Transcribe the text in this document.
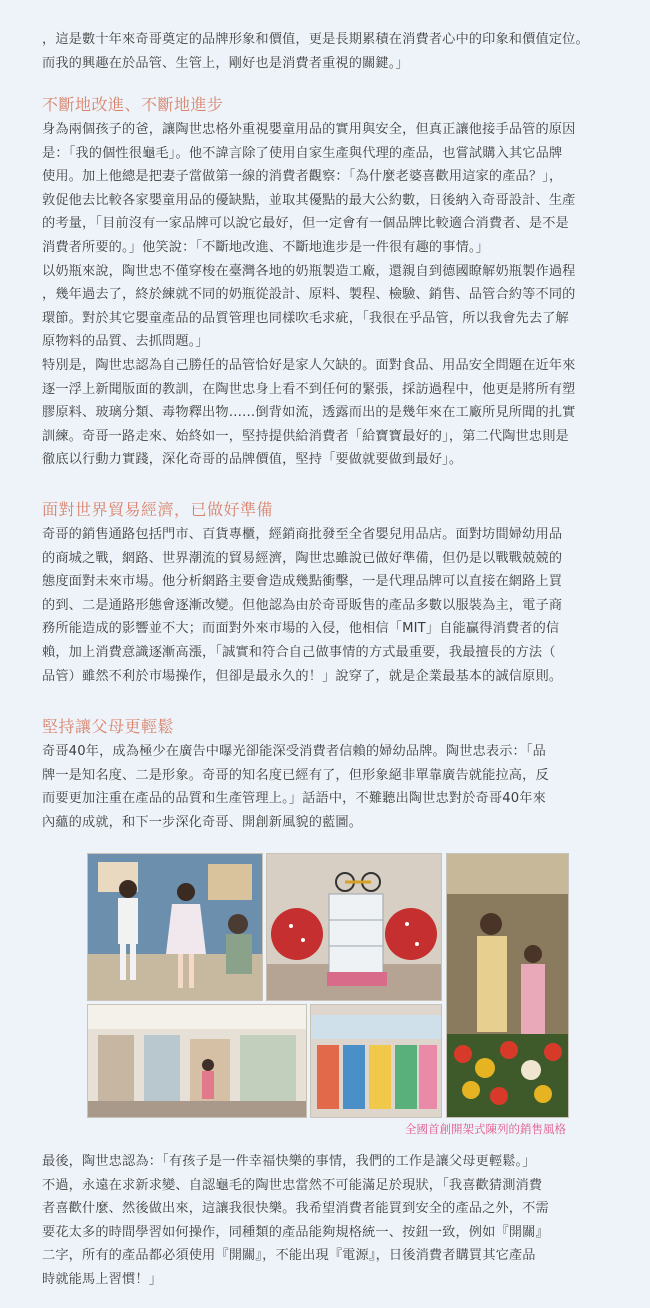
，這是數十年來奇哥奠定的品牌形象和價值，更是長期累積在消費者心中的印象和價值定位。
而我的興趣在於品管、生管上，剛好也是消費者重視的關鍵。」

不斷地改進、不斷地進步

身為兩個孩子的爸，讓陶世忠格外重視嬰童用品的實用與安全，但真正讓他接手品管的原因
是：「我的個性很龜毛」。他不諱言除了使用自家生產與代理的產品，也嘗試購入其它品牌
使用。加上他總是把妻子當做第一線的消費者觀察：「為什麼老婆喜歡用這家的產品？」，
敦促他去比較各家嬰童用品的優缺點，並取其優點的最大公約數，日後納入奇哥設計、生產
的考量，「目前沒有一家品牌可以說它最好，但一定會有一個品牌比較適合消費者、是不是
消費者所要的。」他笑說：「不斷地改進、不斷地進步是一件很有趣的事情。」

以奶瓶來說，陶世忠不僅穿梭在臺灣各地的奶瓶製造工廠，還親自到德國瞭解奶瓶製作過程
，幾年過去了，終於練就不同的奶瓶從設計、原料、製程、檢驗、銷售、品管合約等不同的
環節。對於其它嬰童產品的品質管理也同樣吹毛求疵，「我很在乎品管，所以我會先去了解
原物料的品質、去抓問題。」

特別是，陶世忠認為自己勝任的品管恰好是家人欠缺的。面對食品、用品安全問題在近年來
逐一浮上新聞版面的教訓，在陶世忠身上看不到任何的緊張，採訪過程中，他更是將所有塑
膠原料、玻璃分類、毒物釋出物……倒背如流，透露而出的是幾年來在工廠所見所聞的扎實
訓練。奇哥一路走來、始終如一，堅持提供給消費者「給寶寶最好的」，第二代陶世忠則是
徹底以行動力實踐，深化奇哥的品牌價值，堅持「要做就要做到最好」。

面對世界貿易經濟，已做好準備

奇哥的銷售通路包括門市、百貨專櫃，經銷商批發至全省嬰兒用品店。面對坊間婦幼用品
的商城之戰，網路、世界潮流的貿易經濟，陶世忠雖說已做好準備，但仍是以戰戰兢兢的
態度面對未來市場。他分析網路主要會造成幾點衝擊，一是代理品牌可以直接在網路上買
的到、二是通路形態會逐漸改變。但他認為由於奇哥販售的產品多數以服裝為主，電子商
務所能造成的影響並不大；而面對外來市場的入侵，他相信「MIT」自能贏得消費者的信
賴，加上消費意識逐漸高漲，「誠實和符合自己做事情的方式最重要，我最擅長的方法（
品管）雖然不利於市場操作，但卻是最永久的！」說穿了，就是企業最基本的誠信原則。

堅持讓父母更輕鬆

奇哥40年，成為極少在廣告中曝光卻能深受消費者信賴的婦幼品牌。陶世忠表示：「品
牌一是知名度、二是形象。奇哥的知名度已經有了，但形象絕非單靠廣告就能拉高，反
而要更加注重在產品的品質和生產管理上。」話語中，不難聽出陶世忠對於奇哥40年來
內蘊的成就，和下一步深化奇哥、開創新風貌的藍圖。

全國首創開架式陳列的銷售風格

最後，陶世忠認為：「有孩子是一件幸福快樂的事情，我們的工作是讓父母更輕鬆。」
不過，永遠在求新求變、自認龜毛的陶世忠當然不可能滿足於現狀，「我喜歡猜測消費
者喜歡什麼、然後做出來，這讓我很快樂。我希望消費者能買到安全的產品之外，不需
要花太多的時間學習如何操作，同種類的產品能夠規格統一、按鈕一致，例如『開關』
二字，所有的產品都必須使用『開關』，不能出現『電源』，日後消費者購買其它產品
時就能馬上習慣！」
